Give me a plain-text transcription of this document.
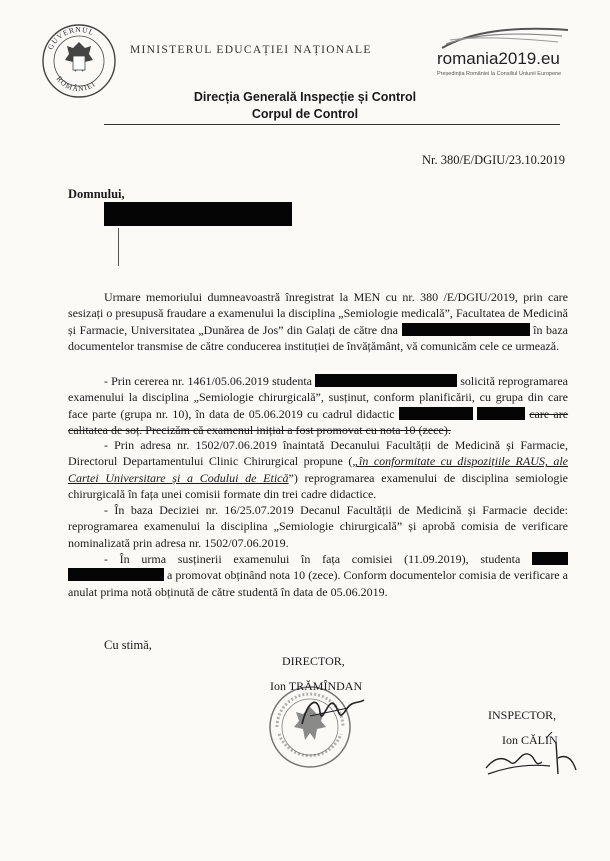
GUVERNUL
ROMÂNIEI
MINISTERUL EDUCAȚIEI NAȚIONALE	romania2019.eu
Președinția României la Consiliul Uniunii Europene
Direcția Generală Inspecție și Control
Corpul de Control
Nr. 380/E/DGIU/23.10.2019
Domnului,
Urmare memoriului dumneavoastră înregistrat la MEN cu nr. 380 /E/DGIU/2019, prin care sesizați o presupusă fraudare a examenului la disciplina „Semiologie medicală”, Facultatea de Medicină și Farmacie, Universitatea „Dunărea de Jos” din Galați de către dna	în baza documentelor transmise de către conducerea instituției de învățământ, vă comunicăm cele ce urmează.
- Prin cererea nr. 1461/05.06.2019 studenta	solicită reprogramarea examenului la disciplina „Semiologie chirurgicală”, susținut, conform planificării, cu grupa din care face parte (grupa nr. 10), în data de 05.06.2019 cu cadrul didactic	care are calitatea de soț. Precizăm că examenul inițial a fost promovat cu nota 10 (zece).
- Prin adresa nr. 1502/07.06.2019 înaintată Decanului Facultății de Medicină și Farmacie, Directorul Departamentului Clinic Chirurgical propune („în conformitate cu dispozițiile RAUS, ale Cartei Universitare și a Codului de Etică”) reprogramarea examenului de disciplina semiologie chirurgicală în fața unei comisii formate din trei cadre didactice.
- În baza Deciziei nr. 16/25.07.2019 Decanul Facultății de Medicină și Farmacie decide: reprogramarea examenului la disciplina „Semiologie chirurgicală” și aprobă comisia de verificare nominalizată prin adresa nr. 1502/07.06.2019.
- În urma susținerii examenului în fața comisiei (11.09.2019), studenta   a promovat obținând nota 10 (zece). Conform documentelor comisia de verificare a anulat prima notă obținută de către studentă în data de 05.06.2019.
Cu stimă,
DIRECTOR,
Ion TRĂMÎNDAN
INSPECTOR,
Ion CĂLIN
